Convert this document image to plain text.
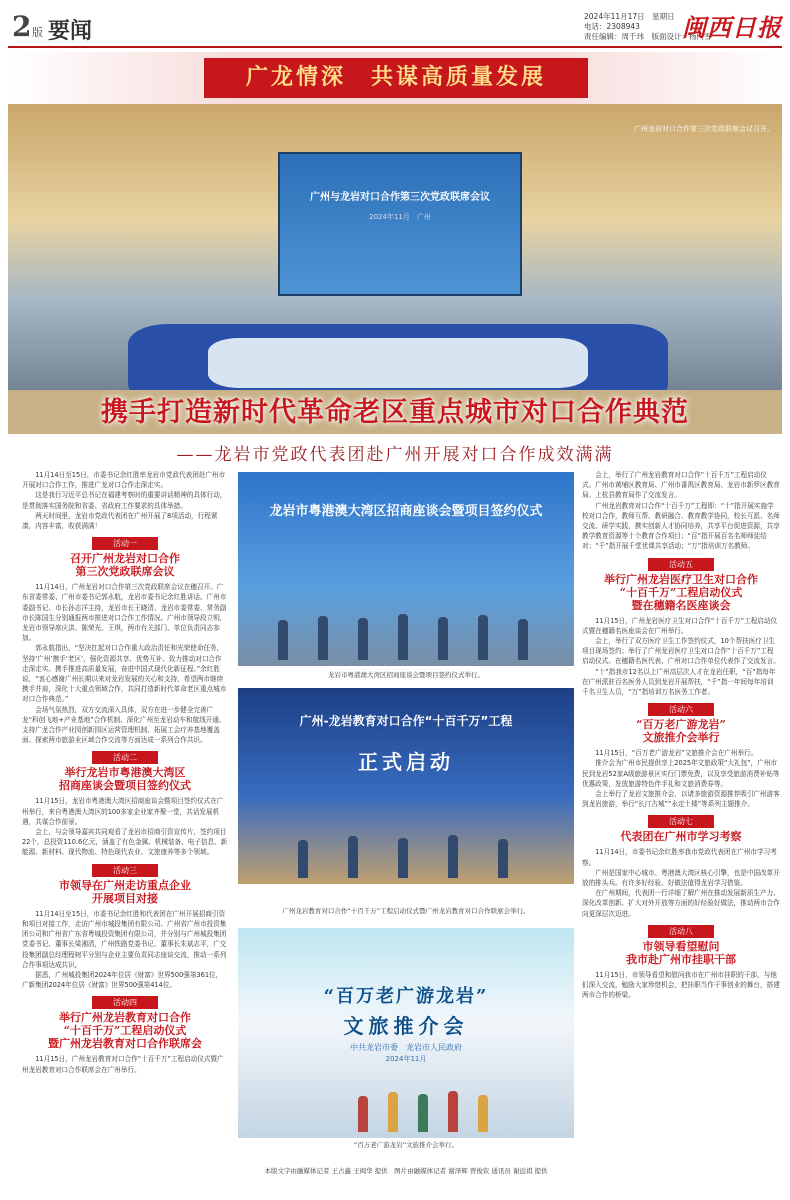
2 版 要闻
2024年11月17日　星期日
电话：2308943
责任编辑：周千玮　版面设计：杨门雪
闽西日报
广龙情深　共谋高质量发展
广州龙岩对口合作第三次党政联席会议召开。
广州与龙岩对口合作第三次党政联席会议
2024年11月　广州
携手打造新时代革命老区重点城市对口合作典范
——龙岩市党政代表团赴广州开展对口合作成效满满

11月14日至15日，市委书记余红胜率龙岩市党政代表团赴广州市开展对口合作工作，推进广龙对口合作走深走实。

这是我行习近平总书记在福建考察时的重要讲话精神的具体行动，是贯彻落实国务院和省委、省政府工作要求的具体举措。

两天时间里，龙岩市党政代表团在广州开展了8项活动，行程紧凑，内容丰富，收获满满！

活动一
召开广州龙岩对口合作
第三次党政联席会议

11月14日，广州龙岩对口合作第三次党政联席会议在穗召开。广东省委常委、广州市委书记郭永航，龙岩市委书记余红胜讲话。广州市委副书记、市长孙志洋主持，龙岩市长王晓清、龙岩市委常委、常务副市长陈国生分别通报两市推进对口合作工作情况。广州市领导段立明，龙岩市领导席庆洪、陈荣光、王琪，两市有关部门、单位负责同志参加。

郭永航指出，“坚决扛起对口合作重大政治责任和光荣使命任务，坚持‘广州’携手‘老区’，强化资源共享、优势互补、致力推动对口合作走深走实。携手推进高质量发展，奋进中国式现代化新征程。”余红胜说，“衷心感谢广州长期以来对龙岩发展的关心和支持，希望两市继续携手并肩，深化十大重点领域合作，共同打造新时代革命老区重点城市对口合作典范。”

会场气氛热烈，双方交流深入具体，双方在进一步健全完善广龙“科创飞地+产业基地”合作机制、深化广州至龙岩动车和航线开通、支持广龙合作产业园创新园区运营管理机制、拓展工会疗养基地覆盖面、探索两市旅游业区域合作交流等方面达成一系列合作共识。

活动二
举行龙岩市粤港澳大湾区
招商座谈会暨项目签约仪式

11月15日，龙岩市粤港澳大湾区招商座谈会暨项目签约仪式在广州举行，来自粤港澳大湾区的100多家企业家齐聚一堂，共话发展机遇，共谋合作前景。

会上，与会领导嘉宾共同观看了龙岩市招商引资宣传片，签约项目22个，总投资110.6亿元，涵盖了有色金属、机械装备、电子信息、新能源、新材料、现代物流、特色现代农业、文旅康养等多个领域。

活动三
市领导在广州走访重点企业
开展项目对接

11月14日至15日，市委书记余红胜和代表团在广州开展招商引资和项目对接工作，走访广州市城投集团有限公司、广州省广州市投资集团公司和广州省广东省粤城投资集团有限公司，并分别与广州城投集团党委书记、董事长梁湘清，广州铁路党委书记、董事长朱斌志平，广交投集团副总经理程树平分别与企业主要负责同志座谈交流，推动一系列合作事项达成共识。

据悉，广州城投集团2024年位居《财富》世界500强第361位，广新集团2024年位居《财富》世界500强第414位。

活动四
举行广州龙岩教育对口合作
“十百千万”工程启动仪式
暨广州龙岩教育对口合作联席会

11月15日，广州龙岩教育对口合作“十百千万”工程启动仪式暨广州龙岩教育对口合作联席会在广州举行。

龙岩市粤港澳大湾区招商座谈会暨项目签约仪式
龙岩市粤港澳大湾区招商座谈会暨项目签约仪式举行。
广州-龙岩教育对口合作“十百千万”工程
正式启动
广州龙岩教育对口合作“十百千万”工程启动仪式暨广州龙岩教育对口合作联席会举行。
“百万老广游龙岩”
文旅推介会
中共龙岩市委　龙岩市人民政府
2024年11月
“百万老广游龙岩”文旅推介会举行。
本版文字由融媒体记者 王占鑫 王闽华 提供　图片由融媒体记者 谢泽辉 曾俊钦 通讯员 谢远祺 提供

会上，举行了广州龙岩教育对口合作“十百千万”工程启动仪式。广州市黄埔区教育局、广州市番禺区教育局、龙岩市新罗区教育局、上杭县教育局作了交流发言。

广州龙岩教育对口合作“十百千万”工程即：“十”指开展实施学校对口合作，教师互帮、教研融合、教育教学协同，校长互派、名师交流、研学实践，携实创新人才协同培养，共享平台促进资源，共享教学教育资源等十个教育合作项目；“百”指开展百名名师师徒结对；“千”指开展千堂优课共享活动；“万”指培训万名教师。

活动五
举行广州龙岩医疗卫生对口合作
“十百千万”工程启动仪式
暨在穗籍名医座谈会

11月15日，广州龙岩医疗卫生对口合作“十百千万”工程启动仪式暨在穗籍名医座谈会在广州举行。

会上，举行了双方医疗卫生工作签约仪式，10个帮扶医疗卫生项目现场签约；举行了广州龙岩医疗卫生对口合作“十百千万”工程启动仪式。在穗籍名医代表、广州对口合作单位代表作了交流发言。

“十”指我市12名以上广州高层次人才在龙岩任职，“百”指每年在广州派驻百名医务人员到龙岩开展帮扶，“千”指一年间每年培训千名卫生人员，“万”指培训万名医务工作者。

活动六
“百万老广游龙岩”
文旅推介会举行

11月15日，“百万老广游龙岩”文旅推介会在广州举行。

推介会为广州市民提供享上2025年文旅政策“大礼包”，广州市民到龙岩52家A级旅游景区实行门票免费，以及享受旅游消费补贴等优惠政策，发放旅游特色伴手礼和文旅消费券等。

会上举行了龙岩文旅推介会，以诸多旅游资源推荐吸引广州游客到龙岩旅游，举行“长汀古城”“永定土楼”等系列主题推介。

活动七
代表团在广州市学习考察

11月14日，市委书记余红胜率我市党政代表团在广州市学习考察。

广州是国家中心城市、粤港澳大湾区核心引擎，也是中国改革开放的排头兵。有许多好经验、好做法值得龙岩学习借鉴。

在广州期间，代表团一行详细了解广州在推动发展新质生产力、深化改革创新、扩大对外开放等方面的好经验好做法，推动两市合作向更深层次迈进。

活动八
市领导看望慰问
我市赴广州市挂职干部

11月15日，市领导看望和慰问我市在广州市挂职的干部，与他们深入交流，勉励大家珍惜机会，把挂职当作干事创业的舞台，搭建两市合作的桥梁。
